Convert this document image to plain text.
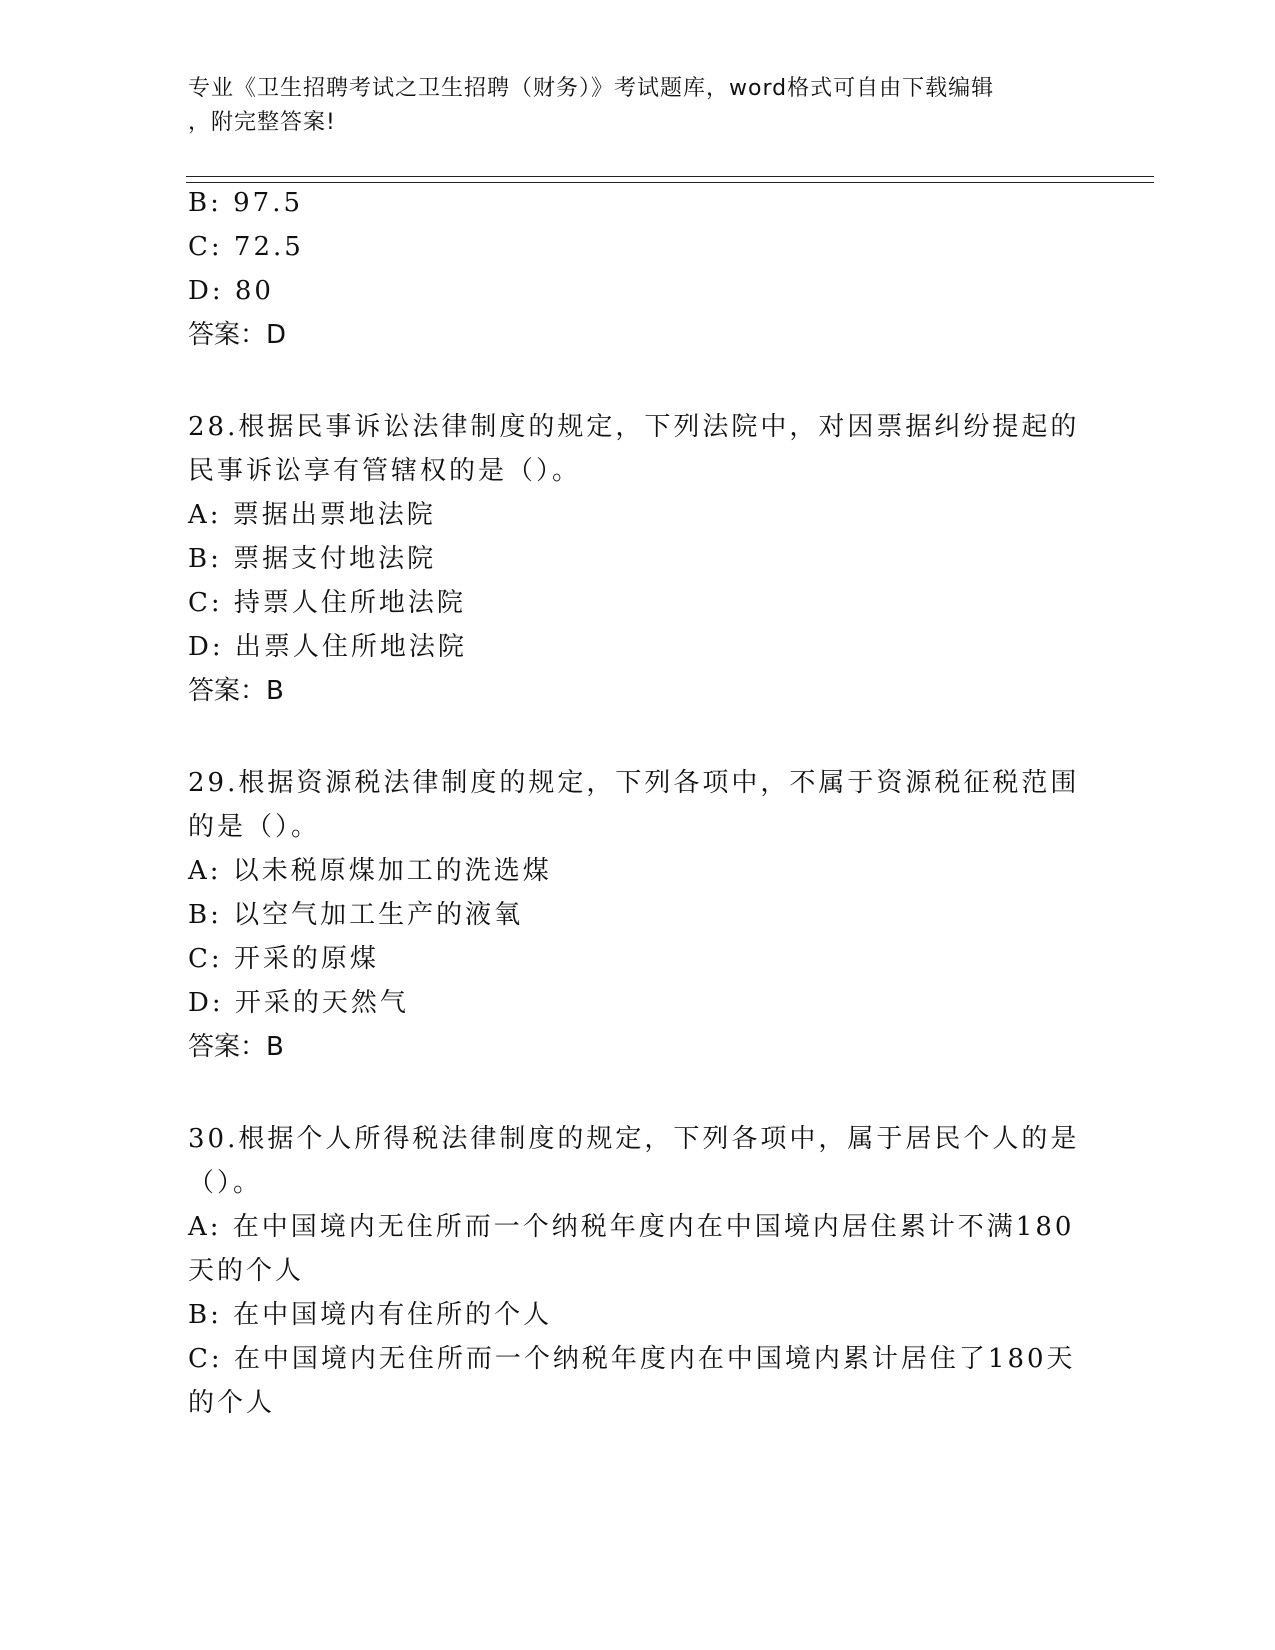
专业《卫生招聘考试之卫生招聘（财务）》考试题库，word格式可自由下载编辑
，附完整答案!
B: 97.5
C: 72.5
D: 80
答案：D
28.根据民事诉讼法律制度的规定，下列法院中，对因票据纠纷提起的
民事诉讼享有管辖权的是（）。
A: 票据出票地法院
B: 票据支付地法院
C: 持票人住所地法院
D: 出票人住所地法院
答案：B
29.根据资源税法律制度的规定，下列各项中，不属于资源税征税范围
的是（）。
A: 以未税原煤加工的洗选煤
B: 以空气加工生产的液氧
C: 开采的原煤
D: 开采的天然气
答案：B
30.根据个人所得税法律制度的规定，下列各项中，属于居民个人的是
（）。
A: 在中国境内无住所而一个纳税年度内在中国境内居住累计不满180
天的个人
B: 在中国境内有住所的个人
C: 在中国境内无住所而一个纳税年度内在中国境内累计居住了180天
的个人
